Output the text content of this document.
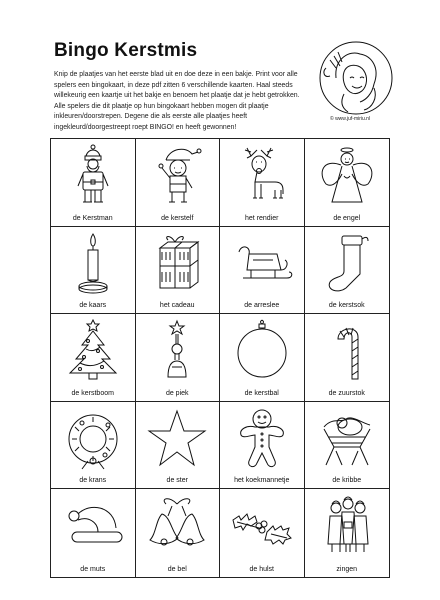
Bingo Kerstmis
Knip de plaatjes van het eerste blad uit en doe deze in een bakje. Print voor alle spelers een bingokaart, in deze pdf zitten 6 verschillende kaarten. Haal steeds willekeurig een kaartje uit het bakje en benoem het plaatje dat je hebt getrokken. Alle spelers die dit plaatje op hun bingokaart hebben mogen dit plaatje inkleuren/doorstrepen. Degene die als eerste alle plaatjes heeft ingekleurd/doorgestreept roept BINGO! en heeft gewonnen!
© www.juf-miriu.nl
de Kerstman	de kerstelf	het rendier	de engel
de kaars	het cadeau	de arreslee	de kerstsok
de kerstboom	de piek	de kerstbal	de zuurstok
de krans	de ster	het koekmannetje	de kribbe
de muts	de bel	de hulst	zingen
